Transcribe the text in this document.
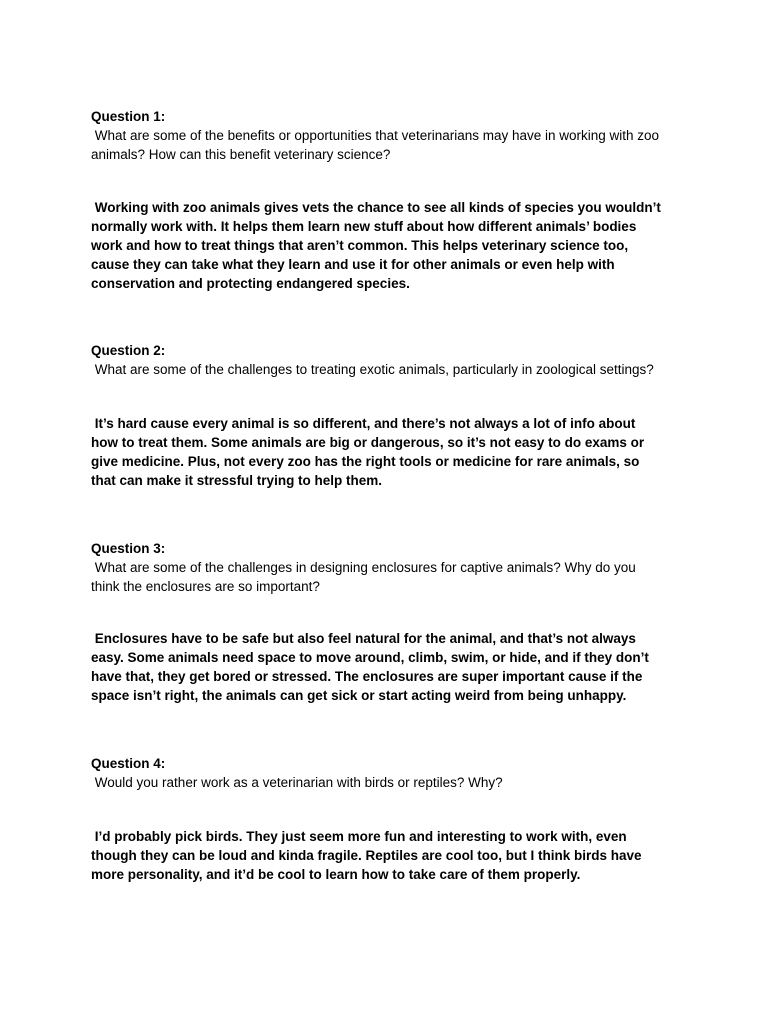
Question 1:

What are some of the benefits or opportunities that veterinarians may have in working with zoo
animals? How can this benefit veterinary science?

Working with zoo animals gives vets the chance to see all kinds of species you wouldn’t
normally work with. It helps them learn new stuff about how different animals’ bodies
work and how to treat things that aren’t common. This helps veterinary science too,
cause they can take what they learn and use it for other animals or even help with
conservation and protecting endangered species.

Question 2:

What are some of the challenges to treating exotic animals, particularly in zoological settings?

It’s hard cause every animal is so different, and there’s not always a lot of info about
how to treat them. Some animals are big or dangerous, so it’s not easy to do exams or
give medicine. Plus, not every zoo has the right tools or medicine for rare animals, so
that can make it stressful trying to help them.

Question 3:

What are some of the challenges in designing enclosures for captive animals? Why do you
think the enclosures are so important?

Enclosures have to be safe but also feel natural for the animal, and that’s not always
easy. Some animals need space to move around, climb, swim, or hide, and if they don’t
have that, they get bored or stressed. The enclosures are super important cause if the
space isn’t right, the animals can get sick or start acting weird from being unhappy.

Question 4:

Would you rather work as a veterinarian with birds or reptiles? Why?

I’d probably pick birds. They just seem more fun and interesting to work with, even
though they can be loud and kinda fragile. Reptiles are cool too, but I think birds have
more personality, and it’d be cool to learn how to take care of them properly.
